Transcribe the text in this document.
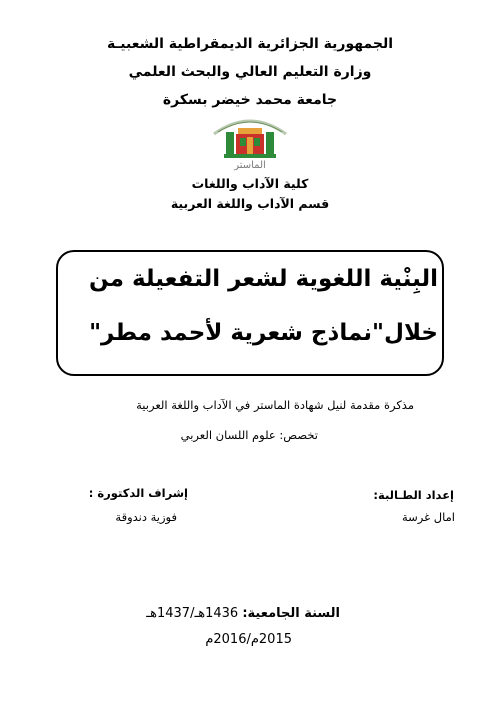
الجمهورية الجزائرية الديمقراطية الشعبيـة
وزارة التعليم العالي والبحث العلمي
جامعة محمد خيضر بسكرة
الماستر
كلية الآداب واللغات
قسم الآداب واللغة العربية
البِنْية اللغوية لشعر التفعيلة من
خلال"نماذج شعرية لأحمد مطر"
مذكرة مقدمة لنيل شهادة الماستر في الآداب واللغة العربية
تخصص: علوم اللسان العربي
إعداد الطـالبة:
امال غرسة
إشراف الدكتورة :
فوزية دندوقة
السنة الجامعية: 1436هـ/1437هـ
2015م/2016م
